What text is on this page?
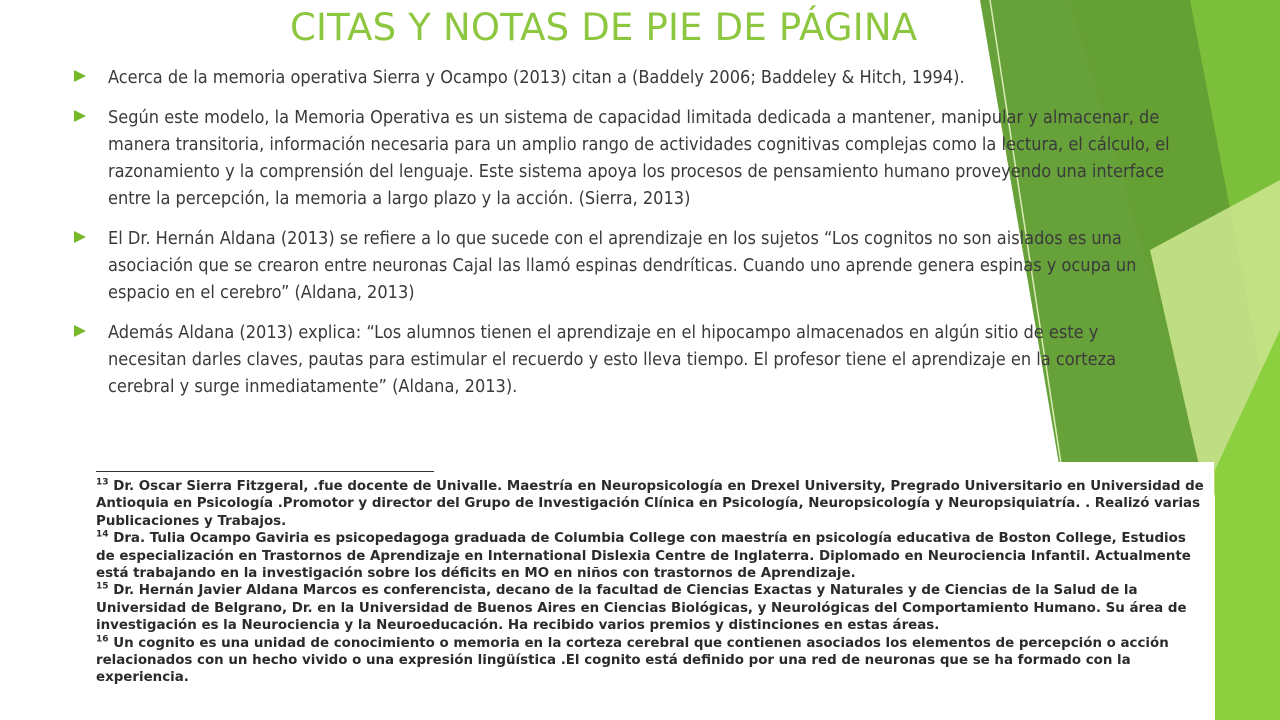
CITAS Y NOTAS DE PIE DE PÁGINA
Acerca de la memoria operativa Sierra y Ocampo (2013) citan a (Baddely 2006; Baddeley & Hitch, 1994).
Según este modelo, la Memoria Operativa es un sistema de capacidad limitada dedicada a mantener, manipular y almacenar, de manera transitoria, información necesaria para un amplio rango de actividades cognitivas complejas como la lectura, el cálculo, el razonamiento y la comprensión del lenguaje. Este sistema apoya los procesos de pensamiento humano proveyendo una interface entre la percepción, la memoria a largo plazo y la acción. (Sierra, 2013)
El Dr. Hernán Aldana (2013) se refiere a lo que sucede con el aprendizaje en los sujetos “Los cognitos no son aislados es una asociación que se crearon entre neuronas Cajal las llamó espinas dendríticas. Cuando uno aprende genera espinas y ocupa un espacio en el cerebro” (Aldana, 2013)
Además Aldana (2013) explica: “Los alumnos tienen el aprendizaje en el hipocampo almacenados en algún sitio de este y necesitan darles claves, pautas para estimular el recuerdo y esto lleva tiempo. El profesor tiene el aprendizaje en la corteza cerebral y surge inmediatamente” (Aldana, 2013).

$^{13}$ Dr. Oscar Sierra Fitzgeral, .fue docente de Univalle. Maestría en Neuropsicología en Drexel University, Pregrado Universitario en Universidad de Antioquia en Psicología .Promotor y director del Grupo de Investigación Clínica en Psicología, Neuropsicología y Neuropsiquiatría. . Realizó varias Publicaciones y Trabajos.

$^{14}$ Dra. Tulia Ocampo Gaviria es psicopedagoga graduada de Columbia College con maestría en psicología educativa de Boston College, Estudios de especialización en Trastornos de Aprendizaje en International Dislexia Centre de Inglaterra. Diplomado en Neurociencia Infantil. Actualmente está trabajando en la investigación sobre los déficits en MO en niños con trastornos de Aprendizaje.

$^{15}$ Dr. Hernán Javier Aldana Marcos es conferencista, decano de la facultad de Ciencias Exactas y Naturales y de Ciencias de la Salud de la Universidad de Belgrano, Dr. en la Universidad de Buenos Aires en Ciencias Biológicas, y Neurológicas del Comportamiento Humano. Su área de investigación es la Neurociencia y la Neuroeducación. Ha recibido varios premios y distinciones en estas áreas.

$^{16}$ Un cognito es una unidad de conocimiento o memoria en la corteza cerebral que contienen asociados los elementos de percepción o acción relacionados con un hecho vivido o una expresión lingüística .El cognito está definido por una red de neuronas que se ha formado con la experiencia.
